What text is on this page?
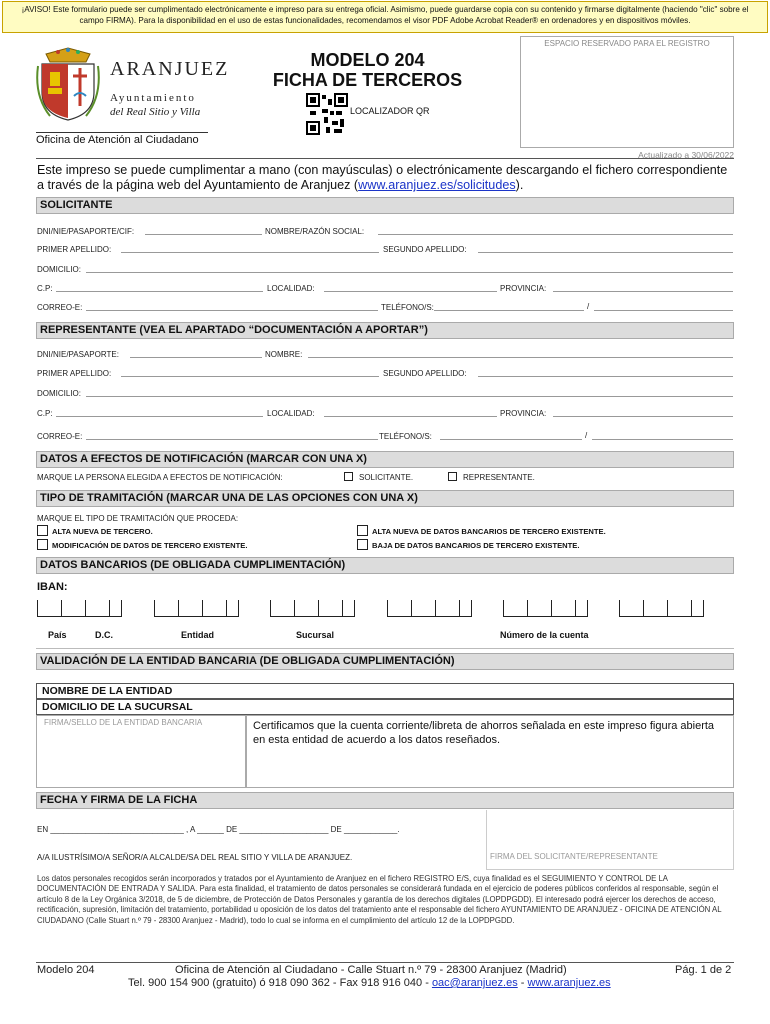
¡AVISO! Este formulario puede ser cumplimentado electrónicamente e impreso para su entrega oficial. Asimismo, puede guardarse copia con su contenido y firmarse digitalmente (haciendo "clic" sobre el campo FIRMA). Para la disponibilidad en el uso de estas funcionalidades, recomendamos el visor PDF Adobe Acrobat Reader® en ordenadores y en dispositivos móviles.
ARANJUEZ
Ayuntamiento
del Real Sitio y Villa
Oficina de Atención al Ciudadano
MODELO 204
FICHA DE TERCEROS
LOCALIZADOR QR
ESPACIO RESERVADO PARA EL REGISTRO
Actualizado a 30/06/2022
Este impreso se puede cumplimentar a mano (con mayúsculas) o electrónicamente descargando el fichero correspondiente a través de la página web del Ayuntamiento de Aranjuez (www.aranjuez.es/solicitudes).
SOLICITANTE
DNI/NIE/PASAPORTE/CIF:	NOMBRE/RAZÓN SOCIAL:
PRIMER APELLIDO:	SEGUNDO APELLIDO:
DOMICILIO:
C.P:	LOCALIDAD:	PROVINCIA:
CORREO-E:	TELÉFONO/S:	/
REPRESENTANTE (VEA EL APARTADO “DOCUMENTACIÓN A APORTAR”)
DNI/NIE/PASAPORTE:	NOMBRE:
PRIMER APELLIDO:	SEGUNDO APELLIDO:
DOMICILIO:
C.P:	LOCALIDAD:	PROVINCIA:
CORREO-E:	TELÉFONO/S:	/
DATOS A EFECTOS DE NOTIFICACIÓN (MARCAR CON UNA X)
MARQUE LA PERSONA ELEGIDA A EFECTOS DE NOTIFICACIÓN:	SOLICITANTE.	REPRESENTANTE.
TIPO DE TRAMITACIÓN (MARCAR UNA DE LAS OPCIONES CON UNA X)
MARQUE EL TIPO DE TRAMITACIÓN QUE PROCEDA:
ALTA NUEVA DE TERCERO.	ALTA NUEVA DE DATOS BANCARIOS DE TERCERO EXISTENTE.
MODIFICACIÓN DE DATOS DE TERCERO EXISTENTE.	BAJA DE DATOS BANCARIOS DE TERCERO EXISTENTE.
DATOS BANCARIOS (DE OBLIGADA CUMPLIMENTACIÓN)
IBAN:
País	D.C.	Entidad	Sucursal	Número de la cuenta
VALIDACIÓN DE LA ENTIDAD BANCARIA (DE OBLIGADA CUMPLIMENTACIÓN)
NOMBRE DE LA ENTIDAD
DOMICILIO DE LA SUCURSAL
FIRMA/SELLO DE LA ENTIDAD BANCARIA	Certificamos que la cuenta corriente/libreta de ahorros señalada en este impreso figura abierta en esta entidad de acuerdo a los datos reseñados.
FECHA Y FIRMA DE LA FICHA
EN ______________________________ , A ______ DE ____________________ DE ____________.
A/A ILUSTRÍSIMO/A SEÑOR/A ALCALDE/SA DEL REAL SITIO Y VILLA DE ARANJUEZ.	FIRMA DEL SOLICITANTE/REPRESENTANTE
Los datos personales recogidos serán incorporados y tratados por el Ayuntamiento de Aranjuez en el fichero REGISTRO E/S, cuya finalidad es el SEGUIMIENTO Y CONTROL DE LA DOCUMENTACIÓN DE ENTRADA Y SALIDA. Para esta finalidad, el tratamiento de datos personales se considerará fundada en el ejercicio de poderes públicos conferidos al responsable, según el artículo 8 de la Ley Orgánica 3/2018, de 5 de diciembre, de Protección de Datos Personales y garantía de los derechos digitales (LOPDPGDD). El interesado podrá ejercer los derechos de acceso, rectificación, supresión, limitación del tratamiento, portabilidad u oposición de los datos del tratamiento ante el responsable del fichero AYUNTAMIENTO DE ARANJUEZ - OFICINA DE ATENCIÓN AL CIUDADANO (Calle Stuart n.º 79 - 28300 Aranjuez - Madrid), todo lo cual se informa en el cumplimiento del artículo 12 de la LOPDPGDD.
Modelo 204	Oficina de Atención al Ciudadano - Calle Stuart n.º 79 - 28300 Aranjuez (Madrid)	Pág. 1 de 2
Tel. 900 154 900 (gratuito) ó 918 090 362 - Fax 918 916 040 - oac@aranjuez.es - www.aranjuez.es
